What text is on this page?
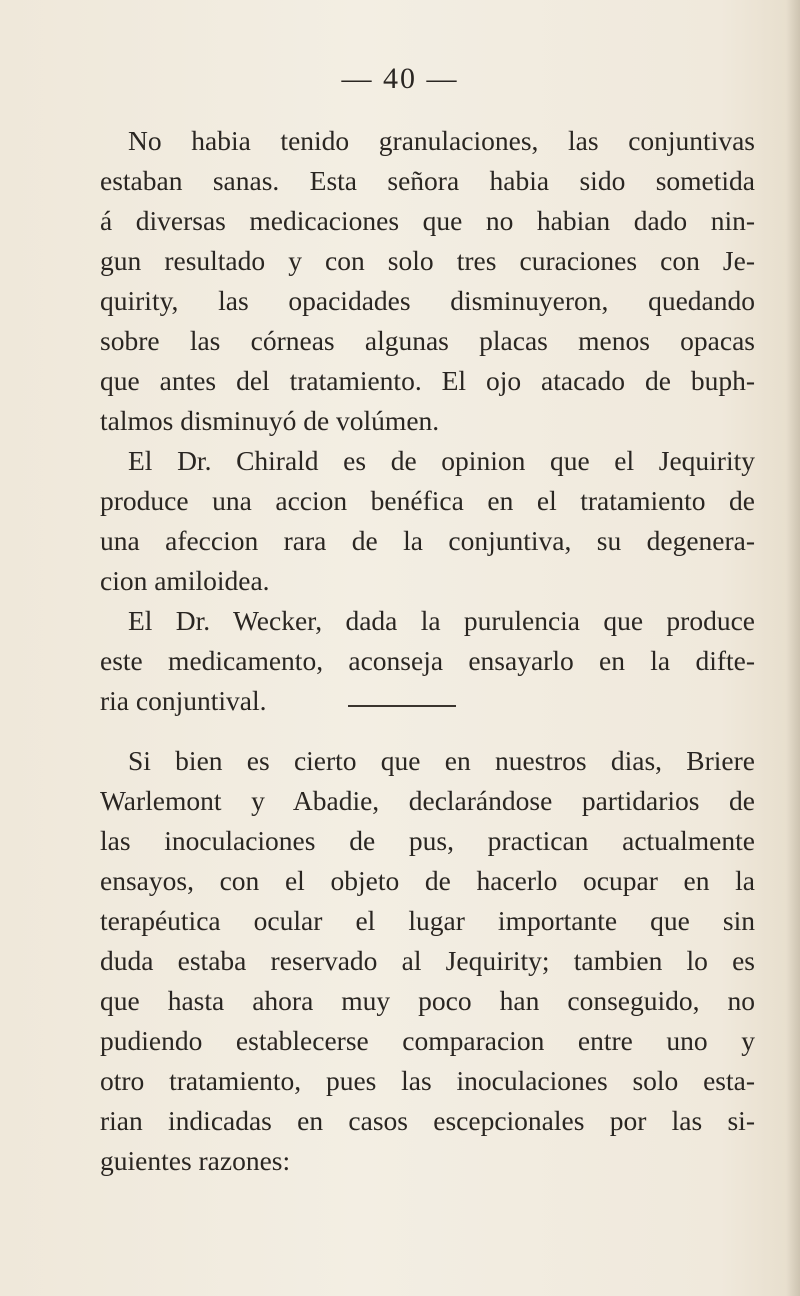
— 40 —
No habia tenido granulaciones, las conjuntivas
estaban sanas. Esta señora habia sido sometida
á diversas medicaciones que no habian dado nin-
gun resultado y con solo tres curaciones con Je-
quirity, las opacidades disminuyeron, quedando
sobre las córneas algunas placas menos opacas
que antes del tratamiento. El ojo atacado de buph-
talmos disminuyó de volúmen.
El Dr. Chirald es de opinion que el Jequirity
produce una accion benéfica en el tratamiento de
una afeccion rara de la conjuntiva, su degenera-
cion amiloidea.
El Dr. Wecker, dada la purulencia que produce
este medicamento, aconseja ensayarlo en la difte-
ria conjuntival.
Si bien es cierto que en nuestros dias, Briere
Warlemont y Abadie, declarándose partidarios de
las inoculaciones de pus, practican actualmente
ensayos, con el objeto de hacerlo ocupar en la
terapéutica ocular el lugar importante que sin
duda estaba reservado al Jequirity; tambien lo es
que hasta ahora muy poco han conseguido, no
pudiendo establecerse comparacion entre uno y
otro tratamiento, pues las inoculaciones solo esta-
rian indicadas en casos escepcionales por las si-
guientes razones:
